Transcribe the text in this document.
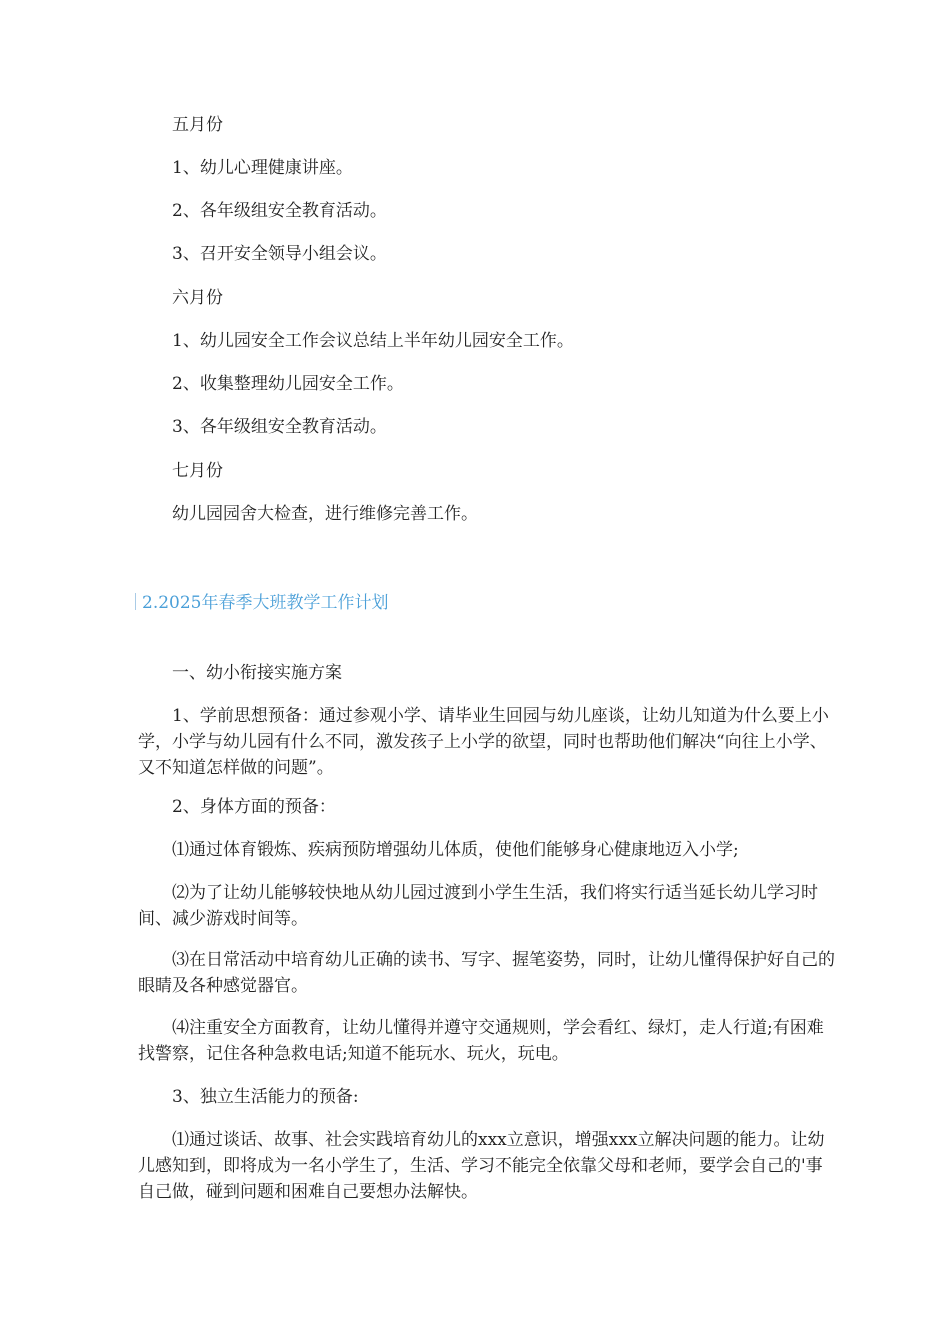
五月份

1、幼儿心理健康讲座。

2、各年级组安全教育活动。

3、召开安全领导小组会议。

六月份

1、幼儿园安全工作会议总结上半年幼儿园安全工作。

2、收集整理幼儿园安全工作。

3、各年级组安全教育活动。

七月份

幼儿园园舍大检查，进行维修完善工作。

2.2025年春季大班教学工作计划

一、幼小衔接实施方案

1、学前思想预备：通过参观小学、请毕业生回园与幼儿座谈，让幼儿知道为什么要上小学，小学与幼儿园有什么不同，激发孩子上小学的欲望，同时也帮助他们解决“向往上小学、又不知道怎样做的问题”。

2、身体方面的预备：

⑴通过体育锻炼、疾病预防增强幼儿体质，使他们能够身心健康地迈入小学;

⑵为了让幼儿能够较快地从幼儿园过渡到小学生生活，我们将实行适当延长幼儿学习时间、减少游戏时间等。

⑶在日常活动中培育幼儿正确的读书、写字、握笔姿势，同时，让幼儿懂得保护好自己的眼睛及各种感觉器官。

⑷注重安全方面教育，让幼儿懂得并遵守交通规则，学会看红、绿灯，走人行道;有困难找警察，记住各种急救电话;知道不能玩水、玩火，玩电。

3、独立生活能力的预备:

⑴通过谈话、故事、社会实践培育幼儿的xxx立意识，增强xxx立解决问题的能力。让幼儿感知到，即将成为一名小学生了，生活、学习不能完全依靠父母和老师，要学会自己的'事自己做，碰到问题和困难自己要想办法解快。
